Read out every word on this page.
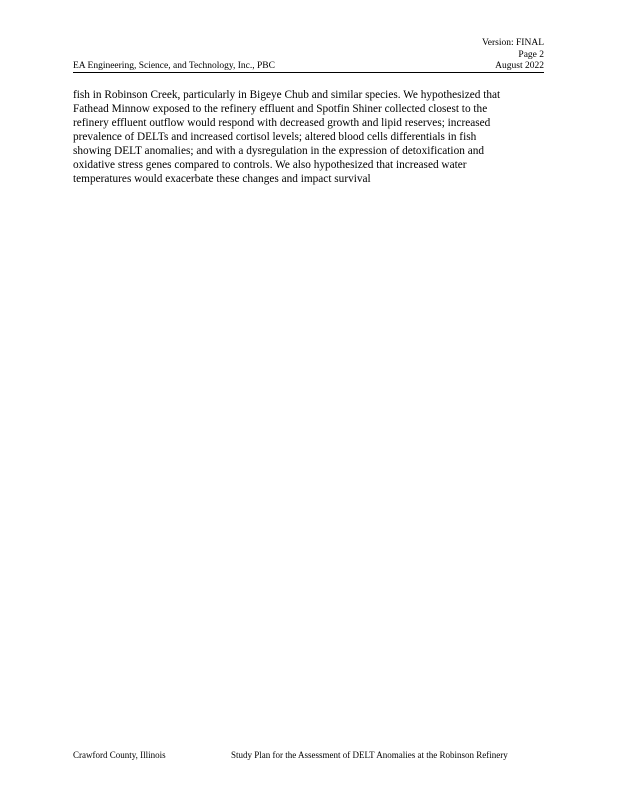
Version: FINAL
Page 2
August 2022
EA Engineering, Science, and Technology, Inc., PBC
fish in Robinson Creek, particularly in Bigeye Chub and similar species. We hypothesized that
Fathead Minnow exposed to the refinery effluent and Spotfin Shiner collected closest to the
refinery effluent outflow would respond with decreased growth and lipid reserves; increased
prevalence of DELTs and increased cortisol levels; altered blood cells differentials in fish
showing DELT anomalies; and with a dysregulation in the expression of detoxification and
oxidative stress genes compared to controls. We also hypothesized that increased water
temperatures would exacerbate these changes and impact survival
Crawford County, Illinois	Study Plan for the Assessment of DELT Anomalies at the Robinson Refinery
